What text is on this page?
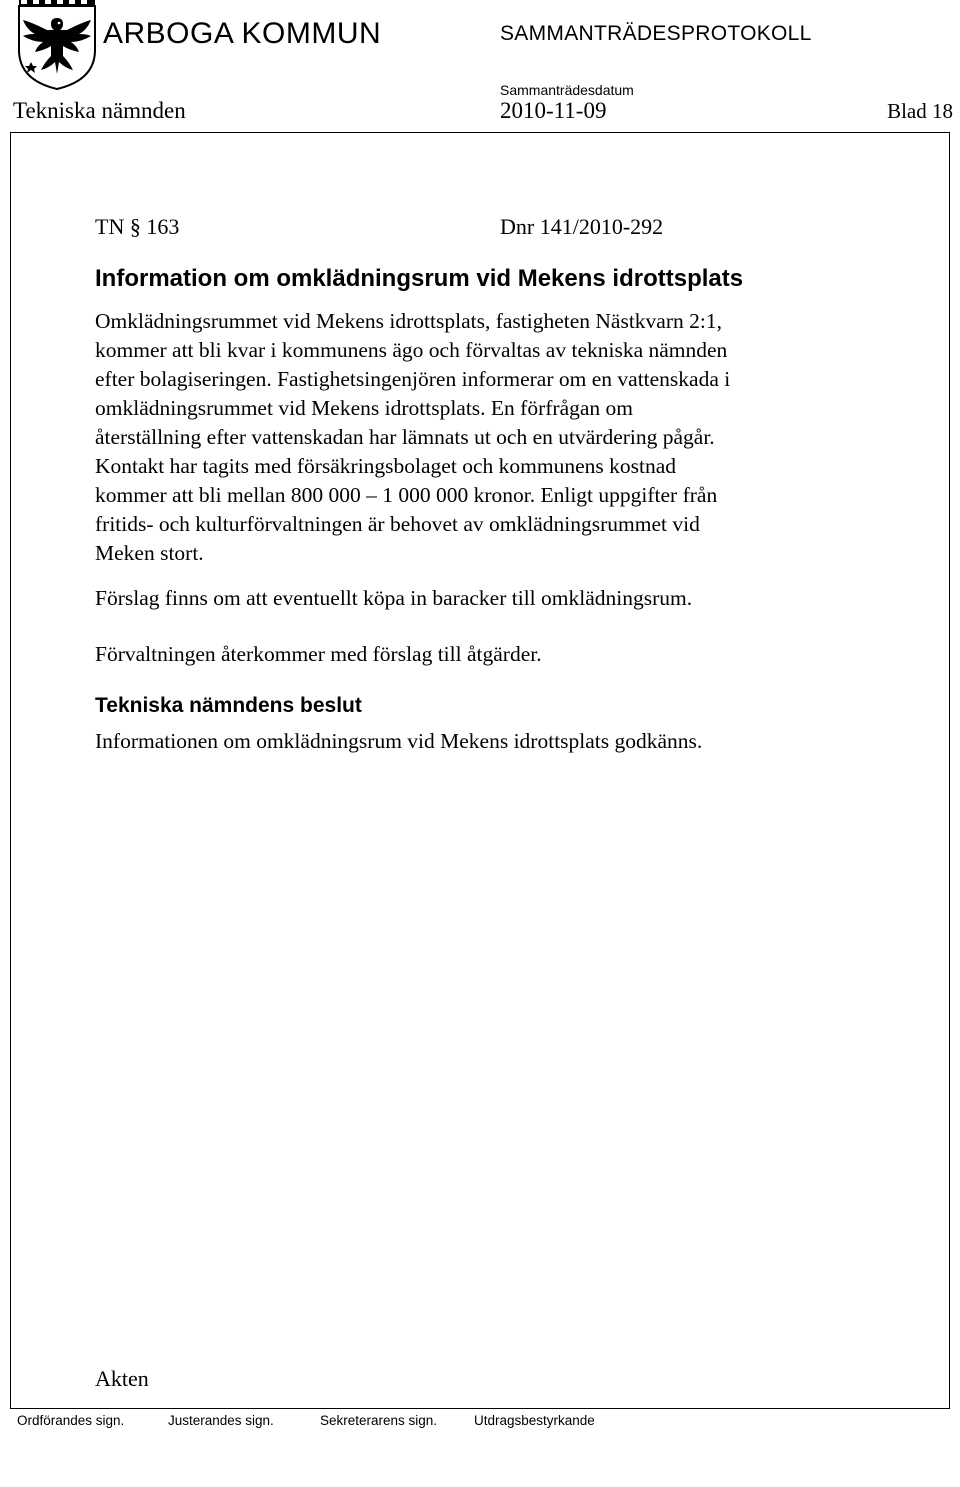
ARBOGA KOMMUN	SAMMANTRÄDESPROTOKOLL
Sammanträdesdatum
Tekniska nämnden	2010-11-09	Blad 18
TN § 163	Dnr 141/2010-292
Information om omklädningsrum vid Mekens idrottsplats

Omklädningsrummet vid Mekens idrottsplats, fastigheten Nästkvarn 2:1,
kommer att bli kvar i kommunens ägo och förvaltas av tekniska nämnden
efter bolagiseringen. Fastighetsingenjören informerar om en vattenskada i
omklädningsrummet vid Mekens idrottsplats. En förfrågan om
återställning efter vattenskadan har lämnats ut och en utvärdering pågår.
Kontakt har tagits med försäkringsbolaget och kommunens kostnad
kommer att bli mellan 800 000 – 1 000 000 kronor. Enligt uppgifter från
fritids- och kulturförvaltningen är behovet av omklädningsrummet vid
Meken stort.

Förslag finns om att eventuellt köpa in baracker till omklädningsrum.

Förvaltningen återkommer med förslag till åtgärder.

Tekniska nämndens beslut

Informationen om omklädningsrum vid Mekens idrottsplats godkänns.

Akten
Ordförandes sign.	Justerandes sign.	Sekreterarens sign.	Utdragsbestyrkande
